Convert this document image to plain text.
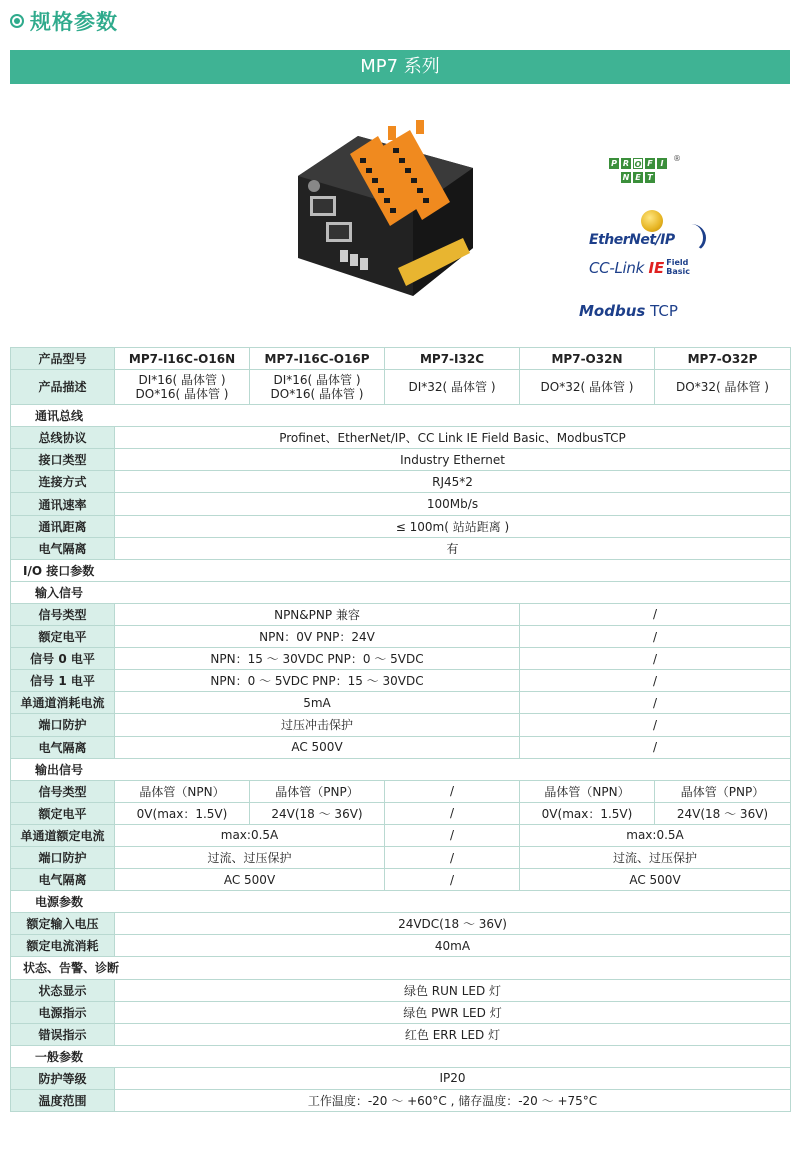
规格参数
MP7 系列
P R O F I
N E T
®
EtherNet/IP
CC-Link IE Field
Basic
Modbus TCP
产品型号	MP7-I16C-O16N	MP7-I16C-O16P	MP7-I32C	MP7-O32N	MP7-O32P
产品描述	DI*16( 晶体管 )
DO*16( 晶体管 )	DI*16( 晶体管 )
DO*16( 晶体管 )	DI*32( 晶体管 )	DO*32( 晶体管 )	DO*32( 晶体管 )

通讯总线					
总线协议	Profinet、EtherNet/IP、CC Link IE Field Basic、ModbusTCP				
接口类型	Industry Ethernet				
连接方式	RJ45*2				
通讯速率	100Mb/s				
通讯距离	≤ 100m( 站站距离 )				
电气隔离	有				
I/O 接口参数					
输入信号					
信号类型	NPN&PNP 兼容			/	
额定电平	NPN：0V PNP：24V			/	
信号 0 电平	NPN：15 ～ 30VDC PNP：0 ～ 5VDC			/	
信号 1 电平	NPN：0 ～ 5VDC PNP：15 ～ 30VDC			/	
单通道消耗电流	5mA			/	
端口防护	过压冲击保护			/	
电气隔离	AC 500V			/	
输出信号					
信号类型	晶体管（NPN）	晶体管（PNP）	/	晶体管（NPN）	晶体管（PNP）
额定电平	0V(max：1.5V)	24V(18 ～ 36V)	/	0V(max：1.5V)	24V(18 ～ 36V)
单通道额定电流	max:0.5A		/	max:0.5A	
端口防护	过流、过压保护		/	过流、过压保护	
电气隔离	AC 500V		/	AC 500V	
电源参数					
额定输入电压	24VDC(18 ～ 36V)				
额定电流消耗	40mA				
状态、告警、诊断					
状态显示	绿色 RUN LED 灯				
电源指示	绿色 PWR LED 灯				
错误指示	红色 ERR LED 灯				
一般参数					
防护等级	IP20				
温度范围	工作温度：-20 ～ +60°C , 储存温度：-20 ～ +75°C				
